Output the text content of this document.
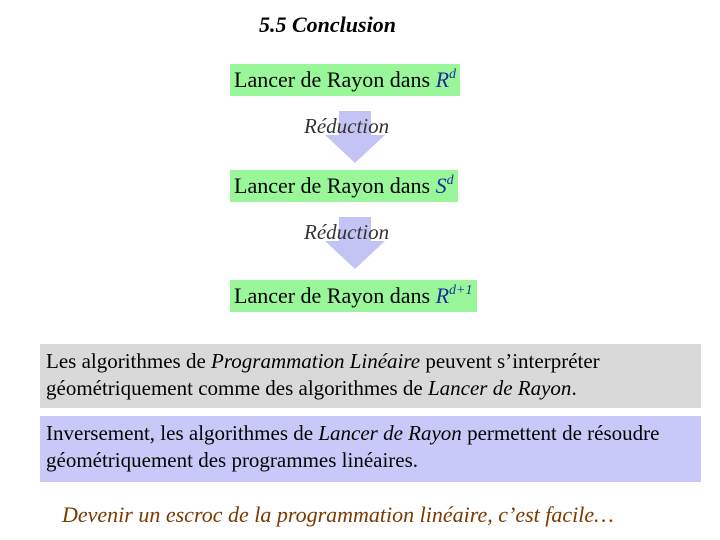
5.5 Conclusion
Lancer de Rayon dans $R^d$
Réduction
Lancer de Rayon dans $S^d$
Réduction
Lancer de Rayon dans $R^{d+1}$
Les algorithmes de Programmation Linéaire peuvent s’interpréter géométriquement comme des algorithmes de Lancer de Rayon.
Inversement, les algorithmes de Lancer de Rayon permettent de résoudre géométriquement des programmes linéaires.
Devenir un escroc de la programmation linéaire, c’est facile…
